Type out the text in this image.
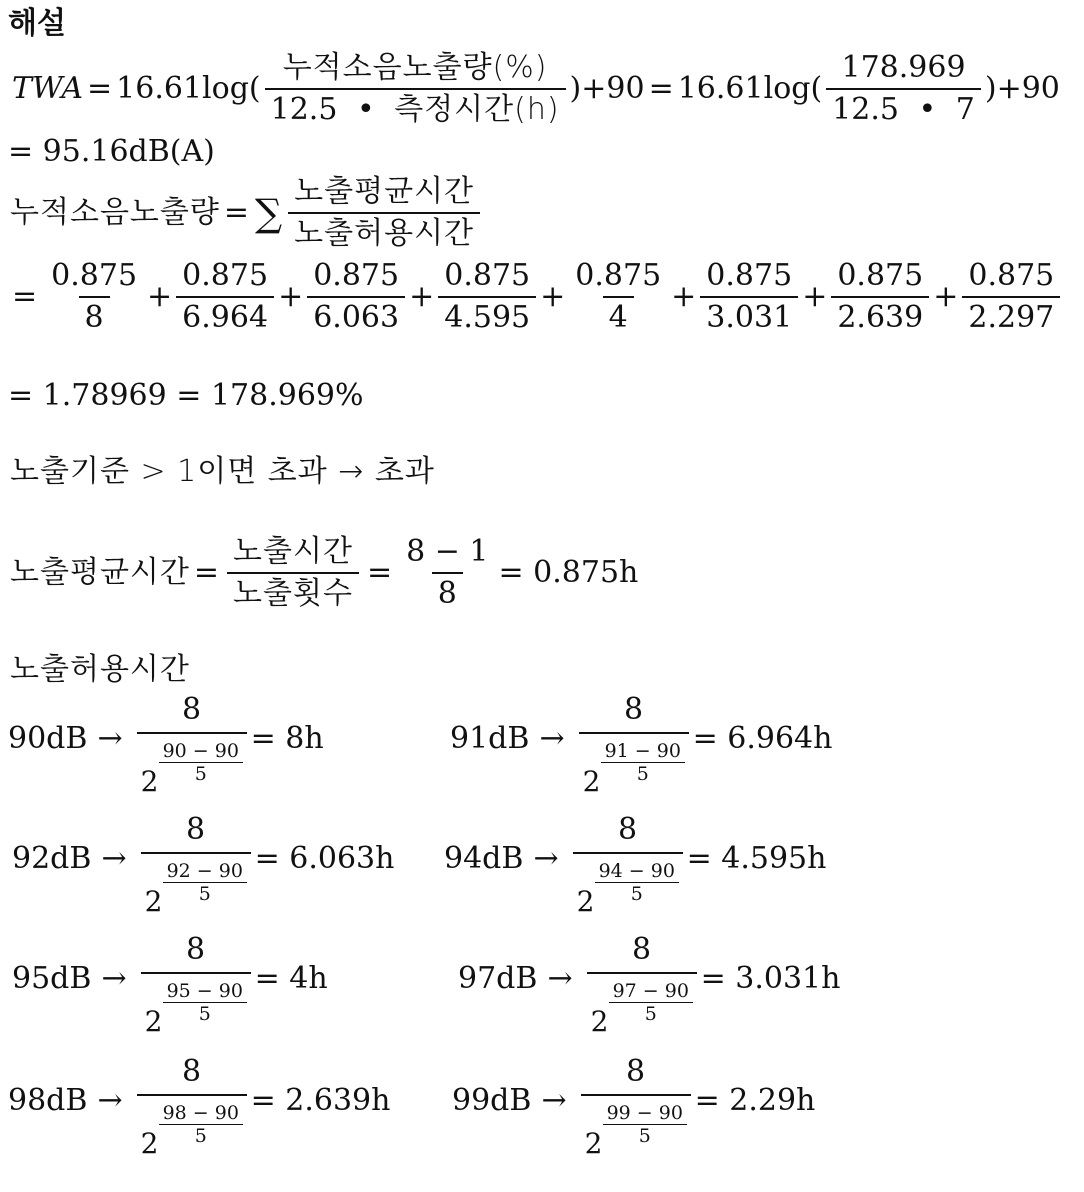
해설
TWA = $16.61\log( \frac{\text{누적소음노출량(\%)}}{\text{12.5 • 측정시간(h)}}$ ) $+90 = 16.61\log( \frac{178.969}{12.5 • 7}$ ) +90
= 95.16dB(A)
누적소음노출량 = ∑ $\frac{\text{노출평균시간}}{\text{노출허용시간}}$
= $\frac{0.875}{8} + \frac{0.875}{6.964} + \frac{0.875}{6.063} + \frac{0.875}{4.595} + \frac{0.875}{4} + \frac{0.875}{3.031} + \frac{0.875}{2.639} + \frac{0.875}{2.297}$
= 1.78969 = 178.969%
노출기준 > 1이면 초과 → 초과
노출평균시간 = $\frac{\text{노출시간}}{\text{노출횟수}} = \frac{8 - 1}{8} = 0.875h$
노출허용시간
$90dB \to \frac{8}{2 \frac{90 - 90}{5}} = 8h$	$91dB \to \frac{8}{2 \frac{91 - 90}{5}} = 6.964h$
$92dB \to \frac{8}{2 \frac{92 - 90}{5}} = 6.063h$ $94dB \to \frac{8}{2 \frac{94 - 90}{5}} = 4.595h$
$95dB \to \frac{8}{2 \frac{95 - 90}{5}} = 4h$	$97dB \to \frac{8}{2 \frac{97 - 90}{5}} = 3.031h$
$98dB \to \frac{8}{2 \frac{98 - 90}{5}} = 2.639h$ $99dB \to \frac{8}{2 \frac{99 - 90}{5}} = 2.29h$
